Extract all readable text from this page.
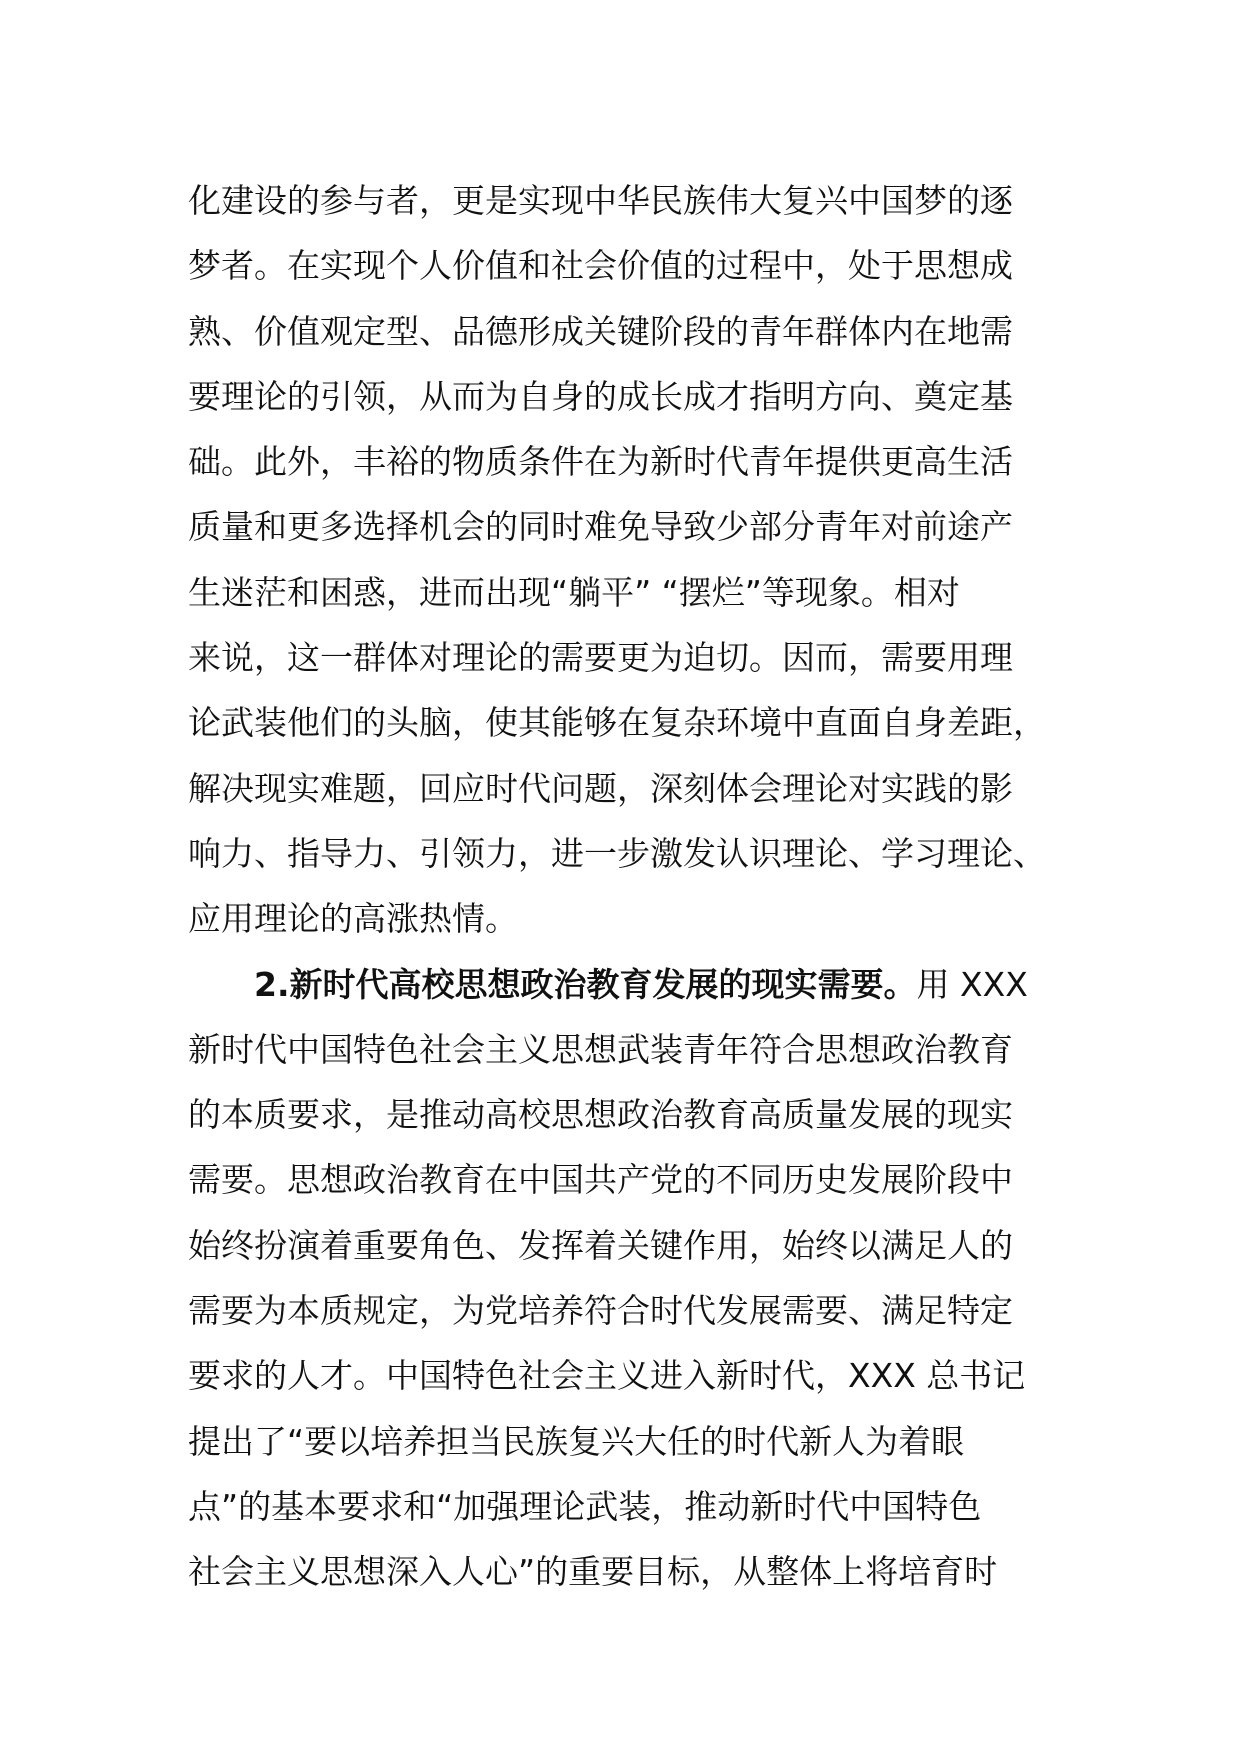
化建设的参与者，更是实现中华民族伟大复兴中国梦的逐
梦者。在实现个人价值和社会价值的过程中，处于思想成
熟、价值观定型、品德形成关键阶段的青年群体内在地需
要理论的引领，从而为自身的成长成才指明方向、奠定基
础。此外，丰裕的物质条件在为新时代青年提供更高生活
质量和更多选择机会的同时难免导致少部分青年对前途产
生迷茫和困惑，进而出现“躺平” “摆烂”等现象。相对
来说，这一群体对理论的需要更为迫切。因而，需要用理
论武装他们的头脑，使其能够在复杂环境中直面自身差距，
解决现实难题，回应时代问题，深刻体会理论对实践的影
响力、指导力、引领力，进一步激发认识理论、学习理论、
应用理论的高涨热情。
2.新时代高校思想政治教育发展的现实需要。用 XXX
新时代中国特色社会主义思想武装青年符合思想政治教育
的本质要求，是推动高校思想政治教育高质量发展的现实
需要。思想政治教育在中国共产党的不同历史发展阶段中
始终扮演着重要角色、发挥着关键作用，始终以满足人的
需要为本质规定，为党培养符合时代发展需要、满足特定
要求的人才。中国特色社会主义进入新时代，XXX 总书记
提出了“要以培养担当民族复兴大任的时代新人为着眼
点”的基本要求和“加强理论武装，推动新时代中国特色
社会主义思想深入人心”的重要目标，从整体上将培育时
